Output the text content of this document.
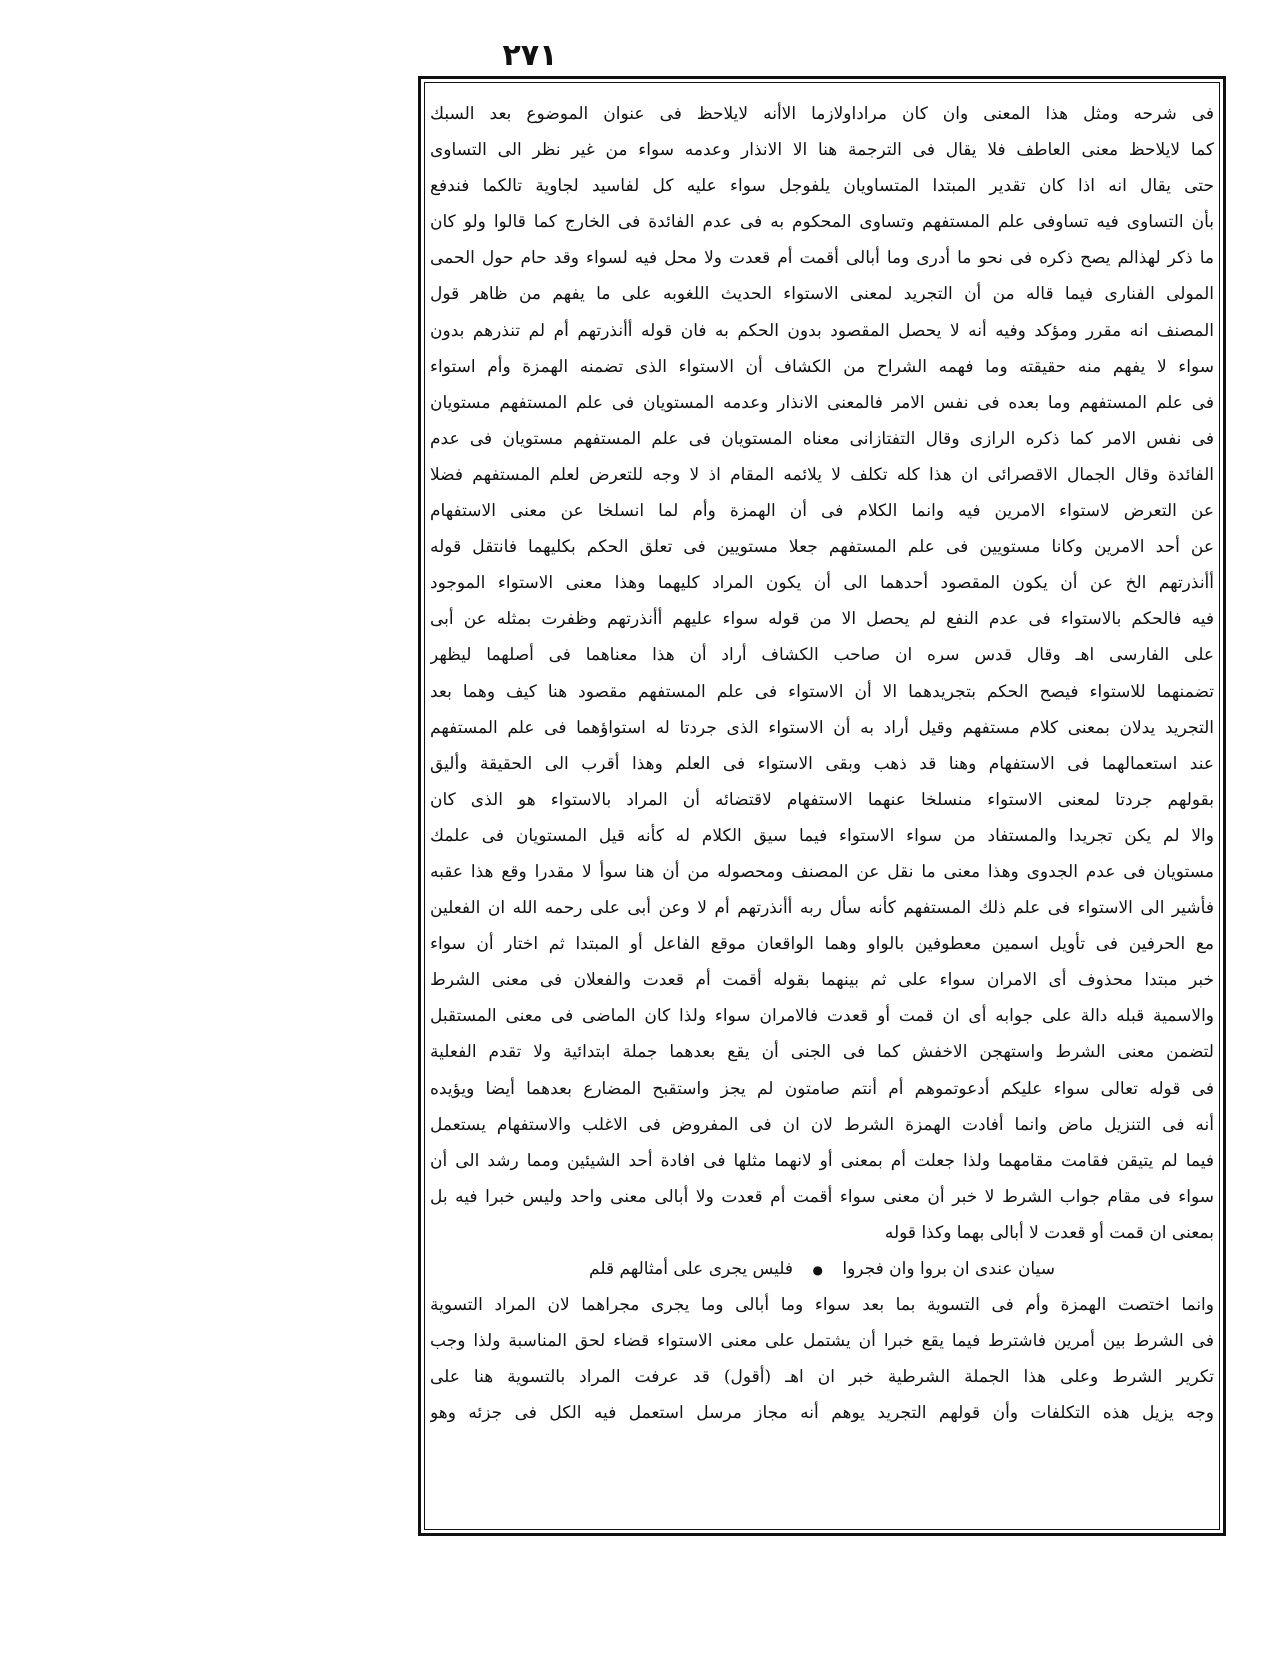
٢٧١
فى شرحه ومثل هذا المعنى وان كان مراداولازما الاأنه لايلاحظ فى عنوان الموضوع بعد السبك
كما لايلاحظ معنى العاطف فلا يقال فى الترجمة هنا الا الانذار وعدمه سواء من غير نظر الى التساوى
حتى يقال انه اذا كان تقدير المبتدا المتساويان يلفوجل سواء عليه كل لفاسيد لجاوية تالكما فندفع
بأن التساوى فيه تساوفى علم المستفهم وتساوى المحكوم به فى عدم الفائدة فى الخارج كما قالوا ولو كان
ما ذكر لهذالم يصح ذكره فى نحو ما أدرى وما أبالى أقمت أم قعدت ولا محل فيه لسواء وقد حام حول الحمى
المولى الفنارى فيما قاله من أن التجريد لمعنى الاستواء الحديث اللغوبه على ما يفهم من ظاهر قول
المصنف انه مقرر ومؤكد وفيه أنه لا يحصل المقصود بدون الحكم به فان قوله أأنذرتهم أم لم تنذرهم بدون
سواء لا يفهم منه حقيقته وما فهمه الشراح من الكشاف أن الاستواء الذى تضمنه الهمزة وأم استواء
فى علم المستفهم وما بعده فى نفس الامر فالمعنى الانذار وعدمه المستويان فى علم المستفهم مستويان
فى نفس الامر كما ذكره الرازى وقال التفتازانى معناه المستويان فى علم المستفهم مستويان فى عدم
الفائدة وقال الجمال الاقصرائى ان هذا كله تكلف لا يلائمه المقام اذ لا وجه للتعرض لعلم المستفهم فضلا
عن التعرض لاستواء الامرين فيه وانما الكلام فى أن الهمزة وأم لما انسلخا عن معنى الاستفهام
عن أحد الامرين وكانا مستويين فى علم المستفهم جعلا مستويين فى تعلق الحكم بكليهما فانتقل قوله
أأنذرتهم الخ عن أن يكون المقصود أحدهما الى أن يكون المراد كليهما وهذا معنى الاستواء الموجود
فيه فالحكم بالاستواء فى عدم النفع لم يحصل الا من قوله سواء عليهم أأنذرتهم وظفرت بمثله عن أبى
على الفارسى اهـ وقال قدس سره ان صاحب الكشاف أراد أن هذا معناهما فى أصلهما ليظهر
تضمنهما للاستواء فيصح الحكم بتجريدهما الا أن الاستواء فى علم المستفهم مقصود هنا كيف وهما بعد
التجريد يدلان بمعنى كلام مستفهم وقيل أراد به أن الاستواء الذى جردتا له استواؤهما فى علم المستفهم
عند استعمالهما فى الاستفهام وهنا قد ذهب وبقى الاستواء فى العلم وهذا أقرب الى الحقيقة وأليق
بقولهم جردتا لمعنى الاستواء منسلخا عنهما الاستفهام لاقتضائه أن المراد بالاستواء هو الذى كان
والا لم يكن تجريدا والمستفاد من سواء الاستواء فيما سيق الكلام له كأنه قيل المستويان فى علمك
مستويان فى عدم الجدوى وهذا معنى ما نقل عن المصنف ومحصوله من أن هنا سوأ لا مقدرا وقع هذا عقبه
فأشير الى الاستواء فى علم ذلك المستفهم كأنه سأل ربه أأنذرتهم أم لا وعن أبى على رحمه الله ان الفعلين
مع الحرفين فى تأويل اسمين معطوفين بالواو وهما الواقعان موقع الفاعل أو المبتدا ثم اختار أن سواء
خبر مبتدا محذوف أى الامران سواء على ثم بينهما بقوله أقمت أم قعدت والفعلان فى معنى الشرط
والاسمية قبله دالة على جوابه أى ان قمت أو قعدت فالامران سواء ولذا كان الماضى فى معنى المستقبل
لتضمن معنى الشرط واستهجن الاخفش كما فى الجنى أن يقع بعدهما جملة ابتدائية ولا تقدم الفعلية
فى قوله تعالى سواء عليكم أدعوتموهم أم أنتم صامتون لم يجز واستقبح المضارع بعدهما أيضا ويؤيده
أنه فى التنزيل ماض وانما أفادت الهمزة الشرط لان ان فى المفروض فى الاغلب والاستفهام يستعمل
فيما لم يتيقن فقامت مقامهما ولذا جعلت أم بمعنى أو لانهما مثلها فى افادة أحد الشيئين ومما رشد الى أن
سواء فى مقام جواب الشرط لا خبر أن معنى سواء أقمت أم قعدت ولا أبالى معنى واحد وليس خبرا فيه بل
بمعنى ان قمت أو قعدت لا أبالى بهما وكذا قوله
سيان عندى ان بروا وان فجروا ● فليس يجرى على أمثالهم قلم
وانما اختصت الهمزة وأم فى التسوية بما بعد سواء وما أبالى وما يجرى مجراهما لان المراد التسوية
فى الشرط بين أمرين فاشترط فيما يقع خبرا أن يشتمل على معنى الاستواء قضاء لحق المناسبة ولذا وجب
تكرير الشرط وعلى هذا الجملة الشرطية خبر ان اهـ (أقول) قد عرفت المراد بالتسوية هنا على
وجه يزيل هذه التكلفات وأن قولهم التجريد يوهم أنه مجاز مرسل استعمل فيه الكل فى جزئه وهو
